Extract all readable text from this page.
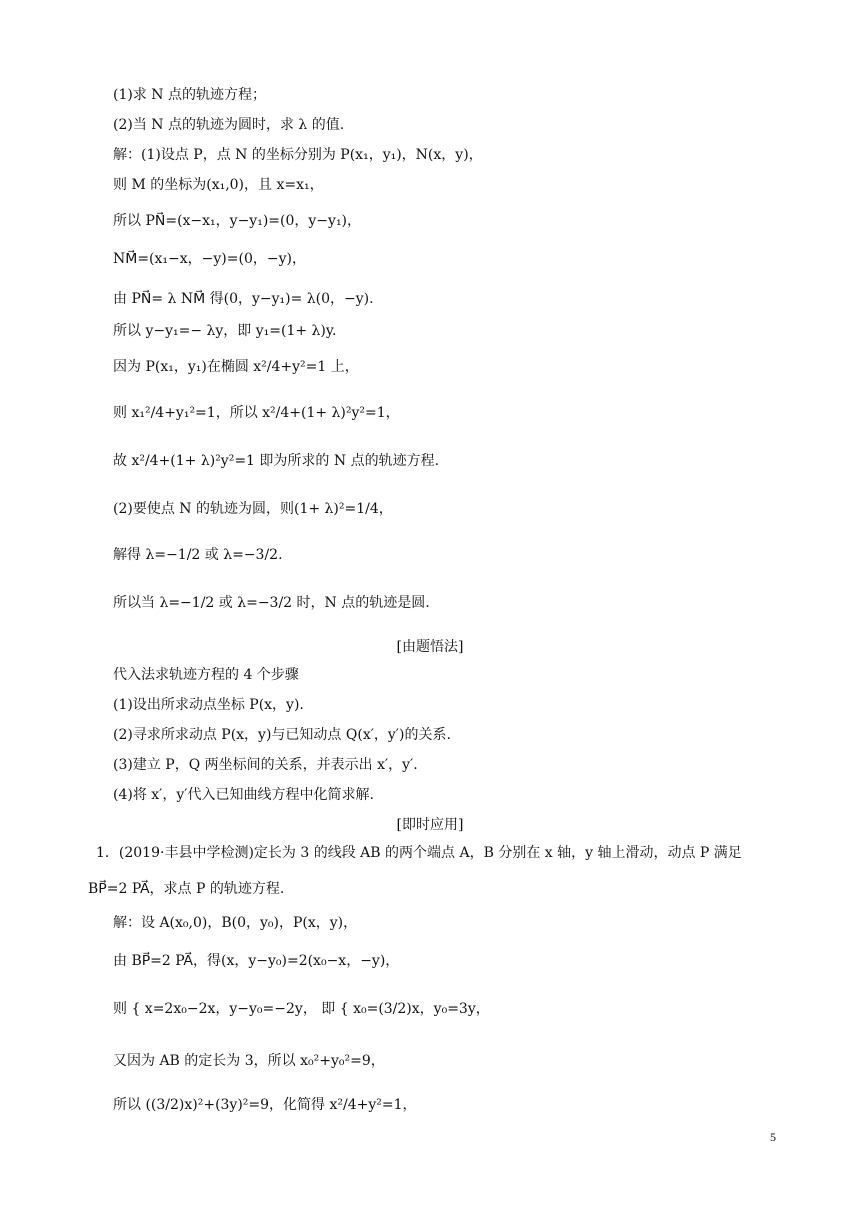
(1)求 N 点的轨迹方程；
(2)当 N 点的轨迹为圆时，求 λ 的值.
解：(1)设点 P，点 N 的坐标分别为 P(x₁，y₁)，N(x，y)，
则 M 的坐标为(x₁,0)，且 x=x₁，
所以 PN⃗=(x−x₁，y−y₁)=(0，y−y₁)，
NM⃗=(x₁−x，−y)=(0，−y)，
由 PN⃗= λ NM⃗ 得(0，y−y₁)= λ(0，−y).
所以 y−y₁=− λy，即 y₁=(1+ λ)y.
因为 P(x₁，y₁)在椭圆 x²/4+y²=1 上，
则 x₁²/4+y₁²=1，所以 x²/4+(1+ λ)²y²=1，
故 x²/4+(1+ λ)²y²=1 即为所求的 N 点的轨迹方程.
(2)要使点 N 的轨迹为圆，则(1+ λ)²=1/4，
解得 λ=−1/2 或 λ=−3/2.
所以当 λ=−1/2 或 λ=−3/2 时，N 点的轨迹是圆.
[由题悟法]
代入法求轨迹方程的 4 个步骤
(1)设出所求动点坐标 P(x，y).
(2)寻求所求动点 P(x，y)与已知动点 Q(x′，y′)的关系.
(3)建立 P，Q 两坐标间的关系，并表示出 x′，y′.
(4)将 x′，y′代入已知曲线方程中化简求解.
[即时应用]
1．(2019·丰县中学检测)定长为 3 的线段 AB 的两个端点 A，B 分别在 x 轴，y 轴上滑动，动点 P 满足
BP⃗=2 PA⃗，求点 P 的轨迹方程.
解：设 A(x₀,0)，B(0，y₀)，P(x，y)，
由 BP⃗=2 PA⃗，得(x，y−y₀)=2(x₀−x，−y)，
则 { x=2x₀−2x，y−y₀=−2y， 即 { x₀=(3/2)x，y₀=3y，
又因为 AB 的定长为 3，所以 x₀²+y₀²=9，
所以 ((3/2)x)²+(3y)²=9，化简得 x²/4+y²=1，
5
